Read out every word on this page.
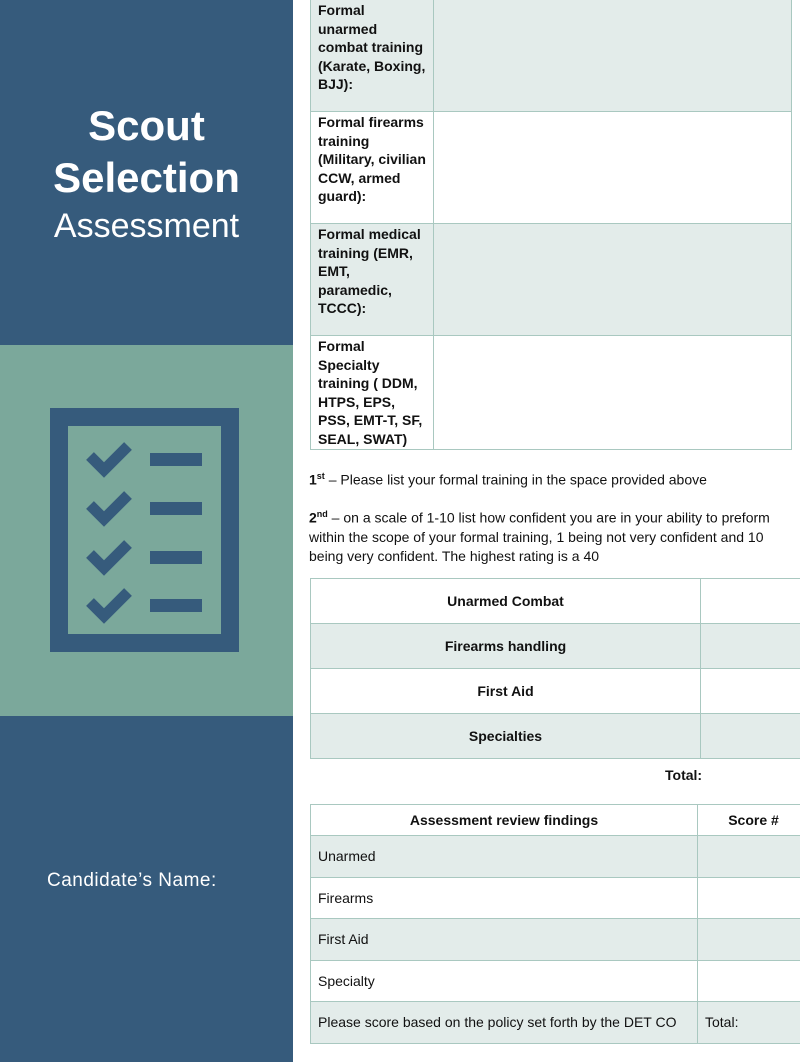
Scout
Selection
Assessment
Candidate’s Name:
Formal unarmed combat training (Karate, Boxing, BJJ):	
Formal firearms training (Military, civilian CCW, armed guard):	
Formal medical training (EMR, EMT, paramedic, TCCC):	
Formal Specialty training ( DDM, HTPS, EPS, PSS, EMT-T, SF, SEAL, SWAT)	
1st – Please list your formal training in the space provided above
2nd – on a scale of 1-10 list how confident you are in your ability to preform within the scope of your formal training, 1 being not very confident and 10 being very confident. The highest rating is a 40
Unarmed Combat	
Firearms handling	
First Aid	
Specialties	
Total:
Assessment review findings	Score #
Unarmed	
Firearms	
First Aid	
Specialty	
Please score based on the policy set forth by the DET CO	Total:
